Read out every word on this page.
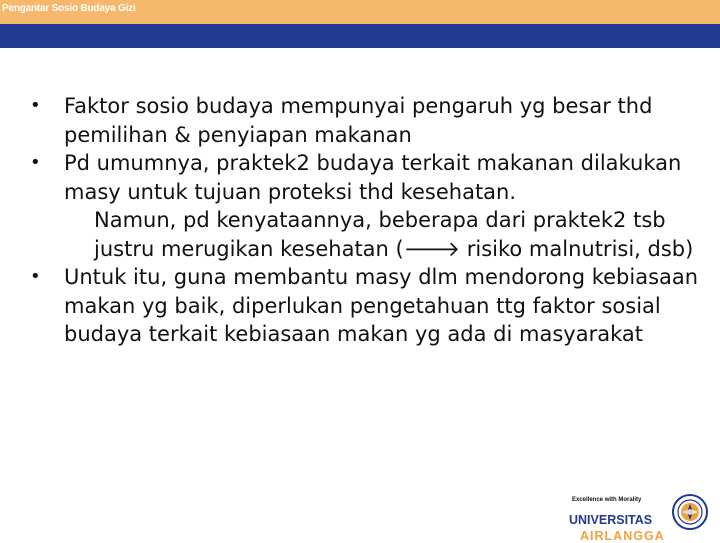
Pengantar Sosio Budaya Gizi
• Faktor sosio budaya mempunyai pengaruh yg besar thd pemilihan & penyiapan makanan
• Pd umumnya, praktek2 budaya terkait makanan dilakukan masy untuk tujuan proteksi thd kesehatan.
Namun, pd kenyataannya, beberapa dari praktek2 tsb justru merugikan kesehatan (🡒 risiko malnutrisi, dsb)
• Untuk itu, guna membantu masy dlm mendorong kebiasaan makan yg baik, diperlukan pengetahuan ttg faktor sosial budaya terkait kebiasaan makan yg ada di masyarakat
Excellence with Morality
UNIVERSITAS
AIRLANGGA
